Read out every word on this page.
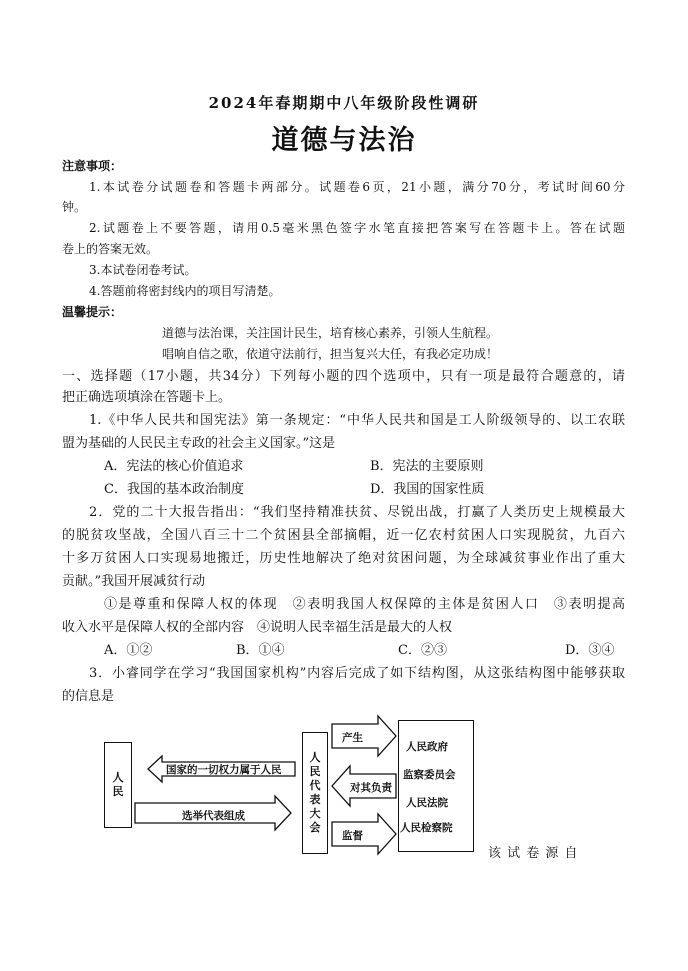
2024年春期期中八年级阶段性调研
道德与法治
注意事项：
1.本试卷分试题卷和答题卡两部分。试题卷6页，21小题，满分70分，考试时间60分
钟。
2.试题卷上不要答题，请用0.5毫米黑色签字水笔直接把答案写在答题卡上。答在试题
卷上的答案无效。
3.本试卷闭卷考试。
4.答题前将密封线内的项目写清楚。
温馨提示：
道德与法治课，关注国计民生，培育核心素养，引领人生航程。
唱响自信之歌，依道守法前行，担当复兴大任，有我必定功成！
一、选择题（17小题，共34分）下列每小题的四个选项中，只有一项是最符合题意的，请
把正确选项填涂在答题卡上。
1.《中华人民共和国宪法》第一条规定：“中华人民共和国是工人阶级领导的、以工农联
盟为基础的人民民主专政的社会主义国家。”这是
A．宪法的核心价值追求	B．宪法的主要原则
C．我国的基本政治制度	D．我国的国家性质
2．党的二十大报告指出：“我们坚持精准扶贫、尽锐出战，打赢了人类历史上规模最大
的脱贫攻坚战，全国八百三十二个贫困县全部摘帽，近一亿农村贫困人口实现脱贫，九百六
十多万贫困人口实现易地搬迁，历史性地解决了绝对贫困问题，为全球减贫事业作出了重大
贡献。”我国开展减贫行动
①是尊重和保障人权的体现　②表明我国人权保障的主体是贫困人口　③表明提高
收入水平是保障人权的全部内容　④说明人民幸福生活是最大的人权
A．①②	B．①④	C．②③	D．③④
3．小睿同学在学习“我国国家机构”内容后完成了如下结构图，从这张结构图中能够获取
的信息是
人民
国家的一切权力属于人民
选举代表组成
人民代表大会
产生
对其负责
监督
人民政府
监察委员会
人民法院
人民检察院
该 试 卷 源 自
